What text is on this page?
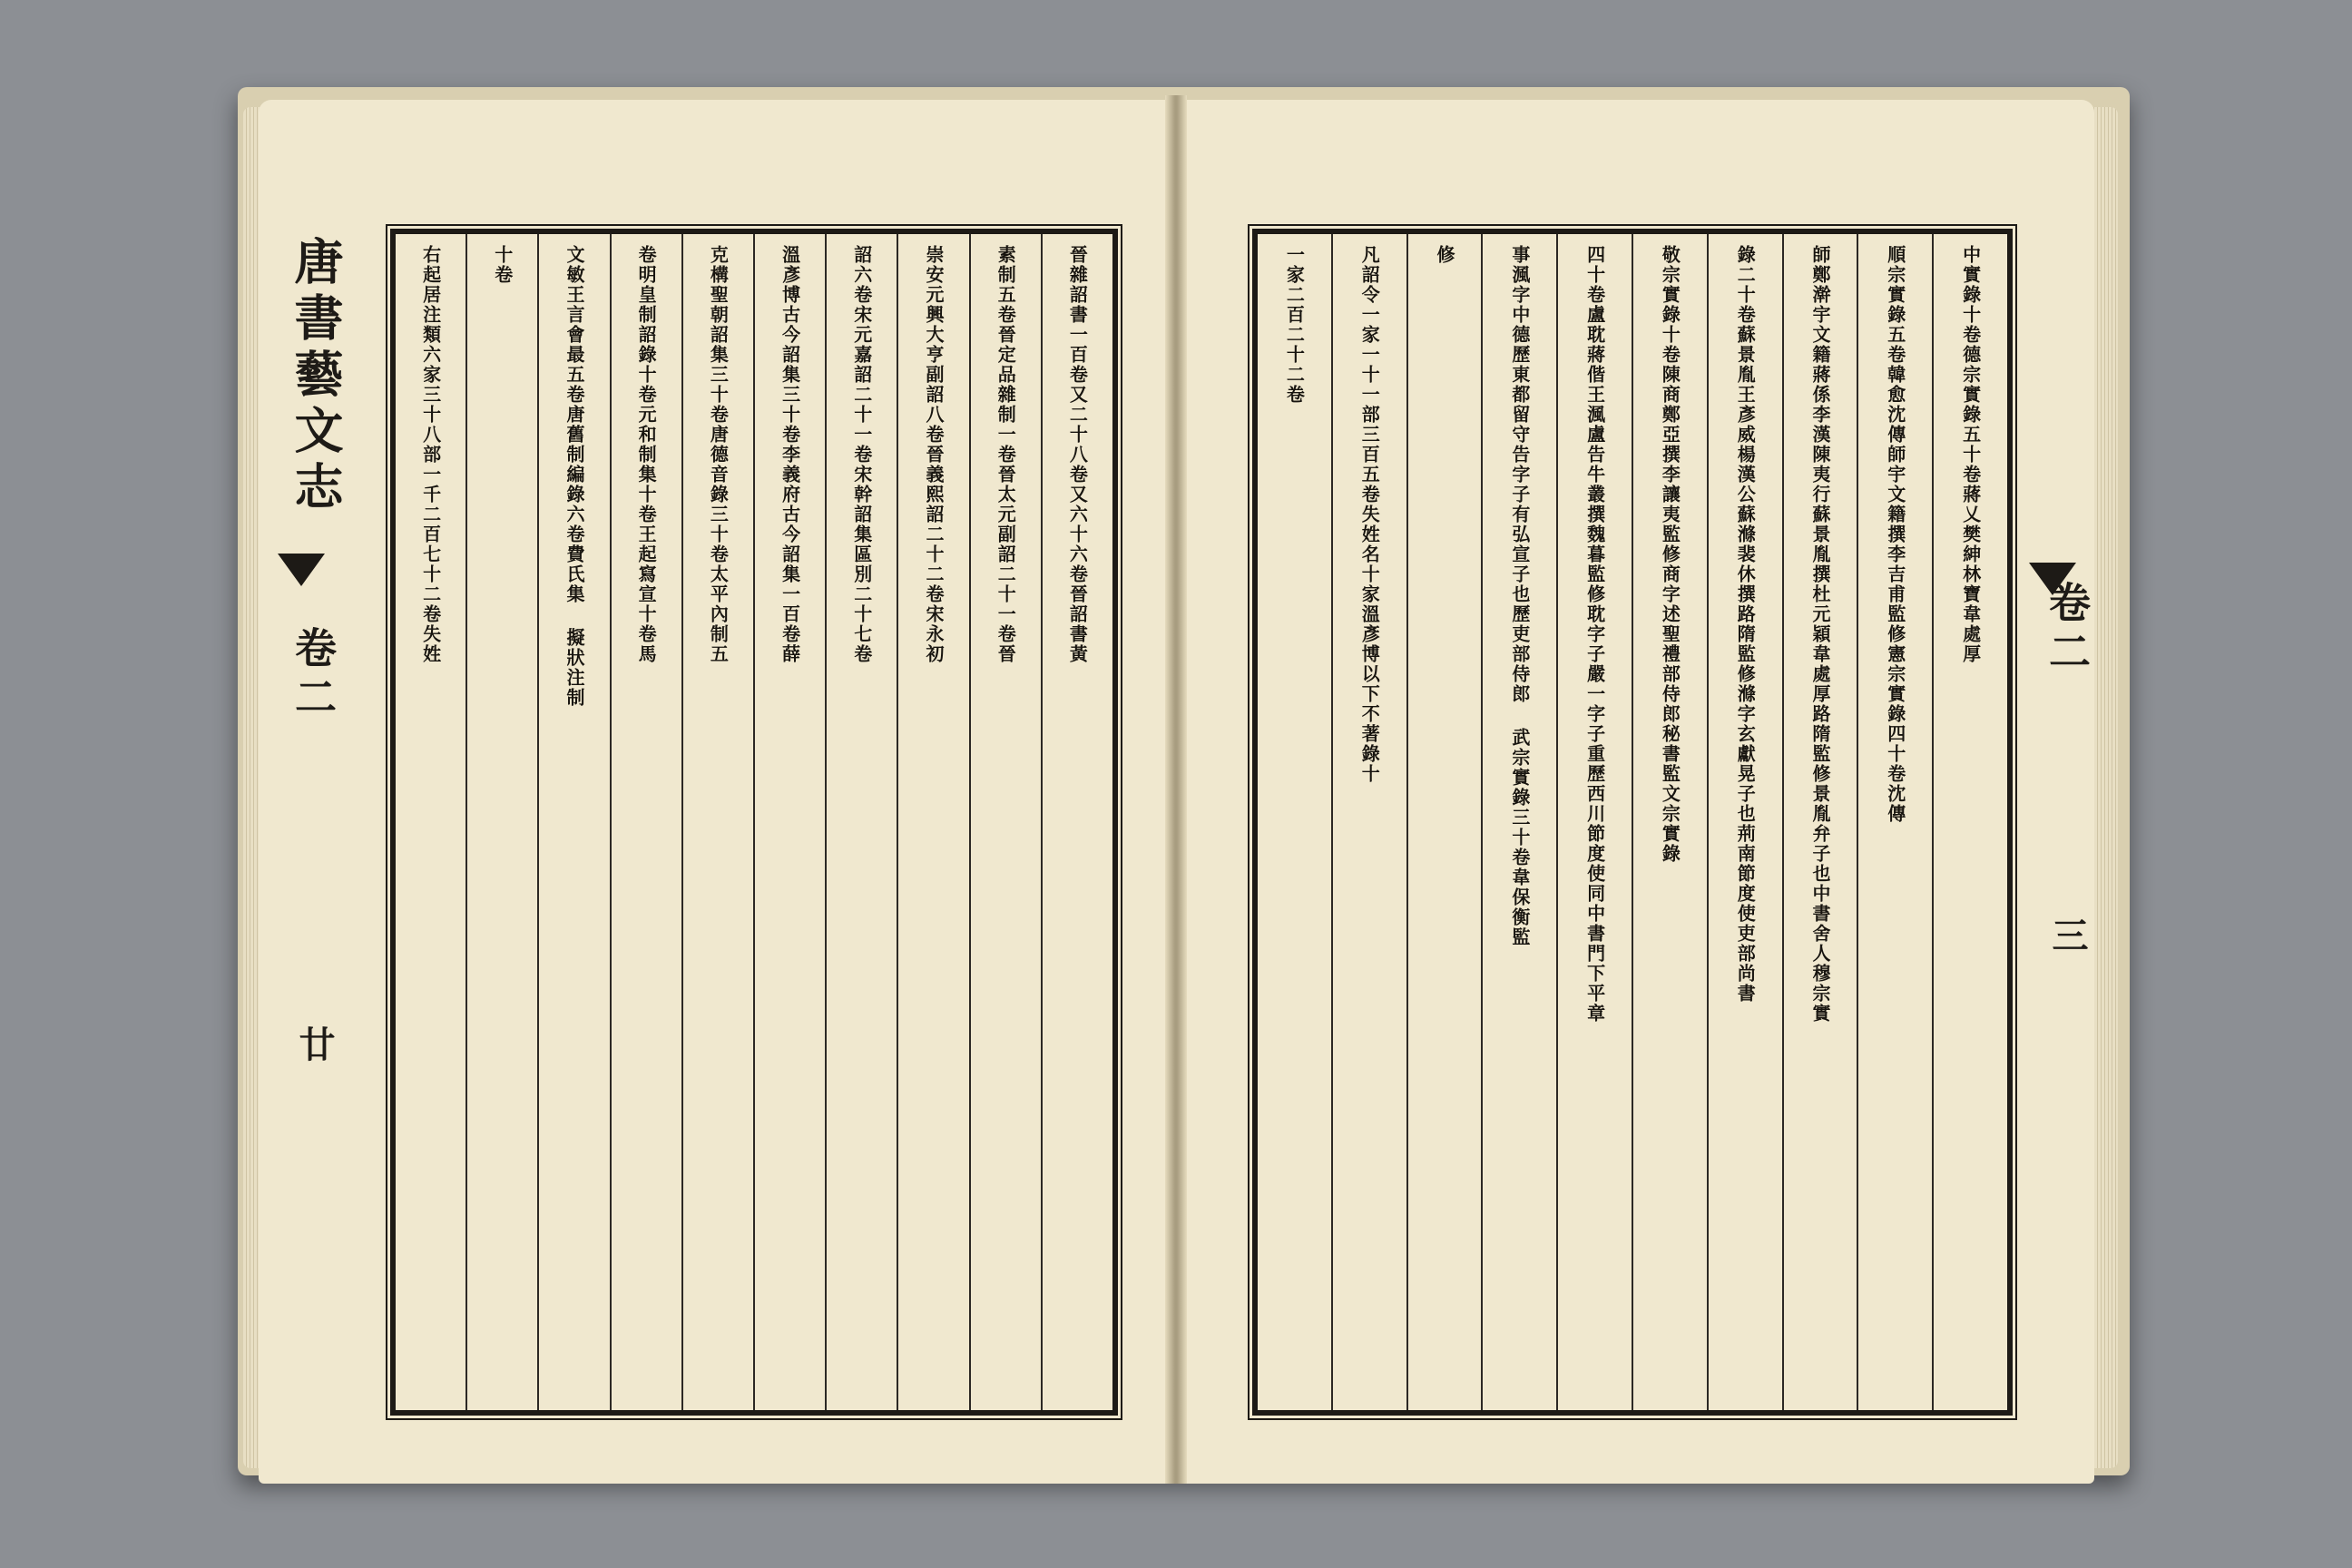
唐書藝文志
卷二
廿
卷二
三
晉雜詔書一百卷又二十八卷又六十六卷晉詔書黃
素制五卷晉定品雜制一卷晉太元副詔二十一卷晉
崇安元興大亨副詔八卷晉義熙詔二十二卷宋永初
詔六卷宋元嘉詔二十一卷宋幹詔集區別二十七卷
溫彥博古今詔集三十卷李義府古今詔集一百卷薛
克構聖朝詔集三十卷唐德音錄三十卷太平內制五
卷明皇制詔錄十卷元和制集十卷王起寫宣十卷馬
文敏王言會最五卷唐舊制編錄六卷費氏集 擬狀注制
十卷
右起居注類六家三十八部一千二百七十二卷失姓	中實錄十卷德宗實錄五十卷蔣乂樊紳林寶韋處厚
順宗實錄五卷韓愈沈傳師宇文籍撰李吉甫監修憲宗實錄四十卷沈傳
師鄭澣宇文籍蔣係李漢陳夷行蘇景胤撰杜元穎韋處厚路隋監修景胤弁子也中書舍人穆宗實
錄二十卷蘇景胤王彥威楊漢公蘇滌裴休撰路隋監修滌字玄獻晃子也荊南節度使吏部尚書
敬宗實錄十卷陳商鄭亞撰李讓夷監修商字述聖禮部侍郎秘書監文宗實錄
四十卷盧耽蔣偕王渢盧告牛叢撰魏暮監修耽字子嚴一字子重歷西川節度使同中書門下平章
事渢字中德歷東都留守告字子有弘宣子也歷吏部侍郎 武宗實錄三十卷韋保衡監
修
凡詔令一家一十一部三百五卷失姓名十家溫彥博以下不著錄十
一家二百二十二卷
